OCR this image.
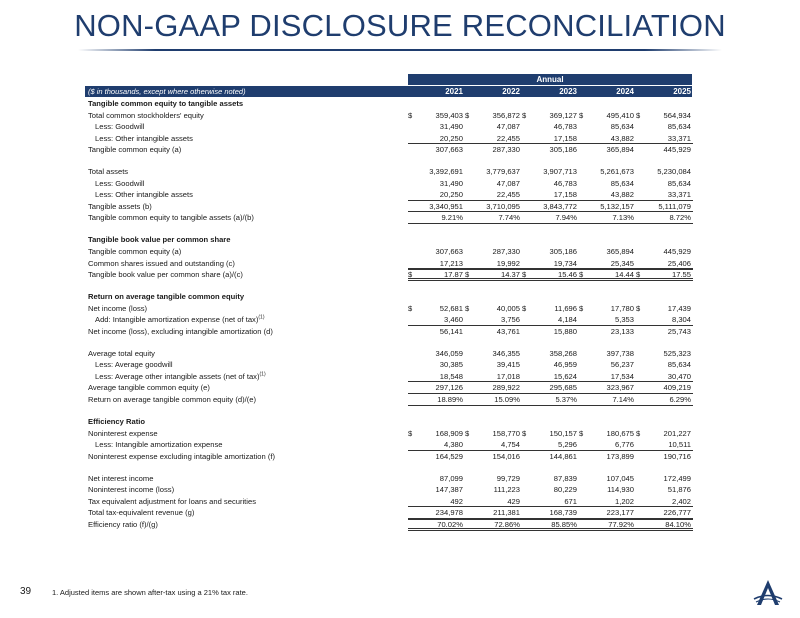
NON-GAAP DISCLOSURE RECONCILIATION
Annual
($ in thousands, except where otherwise noted)	2021	2022	2023	2024	2025
Tangible common equity to tangible assets
Total common stockholders' equity	$	359,403 $	356,872 $	369,127 $	495,410 $	564,934
Less: Goodwill	31,490	47,087	46,783	85,634	85,634
Less: Other intangible assets	20,250	22,455	17,158	43,882	33,371
Tangible common equity (a)	307,663	287,330	305,186	365,894	445,929
Total assets	3,392,691	3,779,637	3,907,713	5,261,673	5,230,084
Less: Goodwill	31,490	47,087	46,783	85,634	85,634
Less: Other intangible assets	20,250	22,455	17,158	43,882	33,371
Tangible assets (b)	3,340,951	3,710,095	3,843,772	5,132,157	5,111,079
Tangible common equity to tangible assets (a)/(b)	9.21%	7.74%	7.94%	7.13%	8.72%
Tangible book value per common share
Tangible common equity (a)	307,663	287,330	305,186	365,894	445,929
Common shares issued and outstanding (c)	17,213	19,992	19,734	25,345	25,406
Tangible book value per common share (a)/(c)	$	17.87 $	14.37 $	15.46 $	14.44 $	17.55
Return on average tangible common equity
Net income (loss)	$	52,681 $	40,005 $	11,696 $	17,780 $	17,439
Add: Intangible amortization expense (net of tax)$^{(1)}$	3,460	3,756	4,184	5,353	8,304
Net income (loss), excluding intangible amortization (d)	56,141	43,761	15,880	23,133	25,743
Average total equity	346,059	346,355	358,268	397,738	525,323
Less: Average goodwill	30,385	39,415	46,959	56,237	85,634
Less: Average other intangible assets (net of tax)$^{(1)}$	18,548	17,018	15,624	17,534	30,470
Average tangible common equity (e)	297,126	289,922	295,685	323,967	409,219
Return on average tangible common equity (d)/(e)	18.89%	15.09%	5.37%	7.14%	6.29%
Efficiency Ratio
Noninterest expense	$	168,909 $	158,770 $	150,157 $	180,675 $	201,227
Less: Intangible amortization expense	4,380	4,754	5,296	6,776	10,511
Noninterest expense excluding intagible amortization (f)	164,529	154,016	144,861	173,899	190,716
Net interest income	87,099	99,729	87,839	107,045	172,499
Noninterest income (loss)	147,387	111,223	80,229	114,930	51,876
Tax equivalent adjustment for loans and securities	492	429	671	1,202	2,402
Total tax-equivalent revenue (g)	234,978	211,381	168,739	223,177	226,777
Efficiency ratio (f)/(g)	70.02%	72.86%	85.85%	77.92%	84.10%
39	1. Adjusted items are shown after-tax using a 21% tax rate.
